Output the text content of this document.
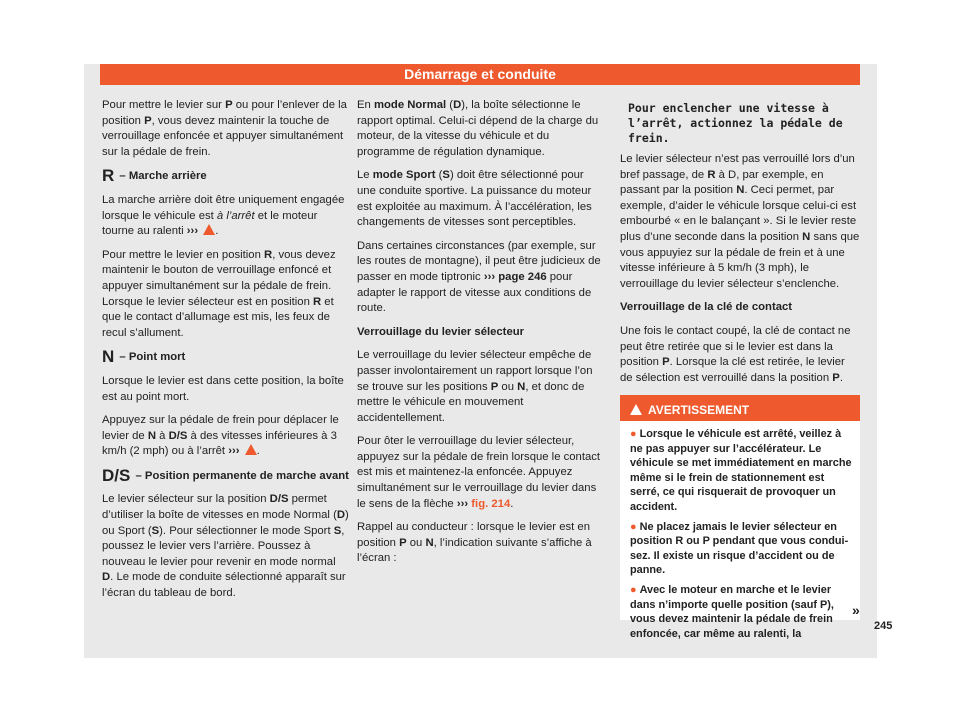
Démarrage et conduite

Pour mettre le levier sur P ou pour l’enlever de la position P, vous devez maintenir la touche de verrouillage enfoncée et appuyer simultanément sur la pédale de frein.

R – Marche arrière

La marche arrière doit être uniquement engagée lorsque le véhicule est à l’arrêt et le moteur tourne au ralenti ››› .

Pour mettre le levier en position R, vous devez maintenir le bouton de verrouillage enfoncé et appuyer simultanément sur la pédale de frein. Lorsque le levier sélecteur est en position R et que le contact d’allumage est mis, les feux de recul s’allument.

N – Point mort

Lorsque le levier est dans cette position, la boîte est au point mort.

Appuyez sur la pédale de frein pour déplacer le levier de N à D/S à des vitesses inférieures à 3 km/h (2 mph) ou à l’arrêt ››› .

D/S – Position permanente de marche avant

Le levier sélecteur sur la position D/S permet d’utiliser la boîte de vitesses en mode Normal (D) ou Sport (S). Pour sélectionner le mode Sport S, poussez le levier vers l’arrière. Poussez à nouveau le levier pour revenir en mode normal D. Le mode de conduite sélectionné apparaît sur l’écran du tableau de bord.

En mode Normal (D), la boîte sélectionne le rapport optimal. Celui-ci dépend de la charge du moteur, de la vitesse du véhicule et du programme de régulation dynamique.

Le mode Sport (S) doit être sélectionné pour une conduite sportive. La puissance du moteur est exploitée au maximum. À l’accélération, les changements de vitesses sont perceptibles.

Dans certaines circonstances (par exemple, sur les routes de montagne), il peut être judicieux de passer en mode tiptronic ››› page 246 pour adapter le rapport de vitesse aux conditions de route.

Verrouillage du levier sélecteur

Le verrouillage du levier sélecteur empêche de passer involontairement un rapport lorsque l’on se trouve sur les positions P ou N, et donc de mettre le véhicule en mouvement accidentellement.

Pour ôter le verrouillage du levier sélecteur, appuyez sur la pédale de frein lorsque le contact est mis et maintenez-la enfoncée. Appuyez simultanément sur le verrouillage du levier dans le sens de la flèche ››› fig. 214.

Rappel au conducteur : lorsque le levier est en position P ou N, l’indication suivante s’affiche à l’écran :

Pour enclencher une vitesse à
l’arrêt, actionnez la pédale de
frein.

Le levier sélecteur n’est pas verrouillé lors d’un bref passage, de R à D, par exemple, en passant par la position N. Ceci permet, par exemple, d’aider le véhicule lorsque celui-ci est embourbé « en le balançant ». Si le levier reste plus d’une seconde dans la position N sans que vous appuyiez sur la pédale de frein et à une vitesse inférieure à 5 km/h (3 mph), le verrouillage du levier sélecteur s’enclenche.

Verrouillage de la clé de contact

Une fois le contact coupé, la clé de contact ne peut être retirée que si le levier est dans la position P. Lorsque la clé est retirée, le levier de sélection est verrouillé dans la position P.

AVERTISSEMENT

● Lorsque le véhicule est arrêté, veillez à ne pas appuyer sur l’accélérateur. Le véhicule se met immédiatement en marche même si le frein de stationnement est serré, ce qui risquerait de provoquer un accident.

● Ne placez jamais le levier sélecteur en position R ou P pendant que vous conduisez. Il existe un risque d’accident ou de panne.

● Avec le moteur en marche et le levier dans n’importe quelle position (sauf P), vous devez maintenir la pédale de frein enfoncée, car même au ralenti, la

»
245
